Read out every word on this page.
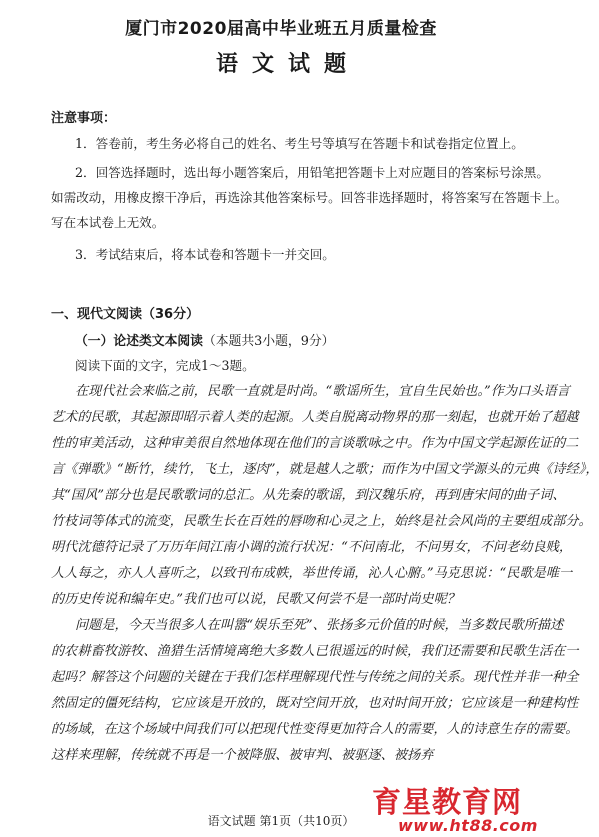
厦门市2020届高中毕业班五月质量检查
语文试题
注意事项：
1．答卷前，考生务必将自己的姓名、考生号等填写在答题卡和试卷指定位置上。
2．回答选择题时，选出每小题答案后，用铅笔把答题卡上对应题目的答案标号涂黑。
如需改动，用橡皮擦干净后，再选涂其他答案标号。回答非选择题时，将答案写在答题卡上。
写在本试卷上无效。
3．考试结束后，将本试卷和答题卡一并交回。
一、现代文阅读（36分）
（一）论述类文本阅读（本题共3小题，9分）
阅读下面的文字，完成1～3题。
在现代社会来临之前，民歌一直就是时尚。“歌谣所生，宜自生民始也。”作为口头语言
艺术的民歌，其起源即昭示着人类的起源。人类自脱离动物界的那一刻起，也就开始了超越
性的审美活动，这种审美很自然地体现在他们的言谈歌咏之中。作为中国文学起源佐证的二
言《弹歌》“断竹，续竹，飞土，逐肉”，就是越人之歌；而作为中国文学源头的元典《诗经》，
其“国风”部分也是民歌歌词的总汇。从先秦的歌谣，到汉魏乐府，再到唐宋间的曲子词、
竹枝词等体式的流变，民歌生长在百姓的唇吻和心灵之上，始终是社会风尚的主要组成部分。
明代沈德符记录了万历年间江南小调的流行状况：“不问南北，不问男女，不问老幼良贱，
人人每之，亦人人喜听之，以致刊布成帙，举世传诵，沁人心腑。”马克思说：“民歌是唯一
的历史传说和编年史。”我们也可以说，民歌又何尝不是一部时尚史呢？
问题是，今天当很多人在叫嚣“娱乐至死”、张扬多元价值的时候，当多数民歌所描述
的农耕畜牧游牧、渔猎生活情境离绝大多数人已很遥远的时候，我们还需要和民歌生活在一
起吗？解答这个问题的关键在于我们怎样理解现代性与传统之间的关系。现代性并非一种全
然固定的僵死结构，它应该是开放的，既对空间开放，也对时间开放；它应该是一种建构性
的场域，在这个场域中间我们可以把现代性变得更加符合人的需要，人的诗意生存的需要。
这样来理解，传统就不再是一个被降服、被审判、被驱逐、被扬弃
语文试题 第1页（共10页）
育星教育网
www.ht88.com
